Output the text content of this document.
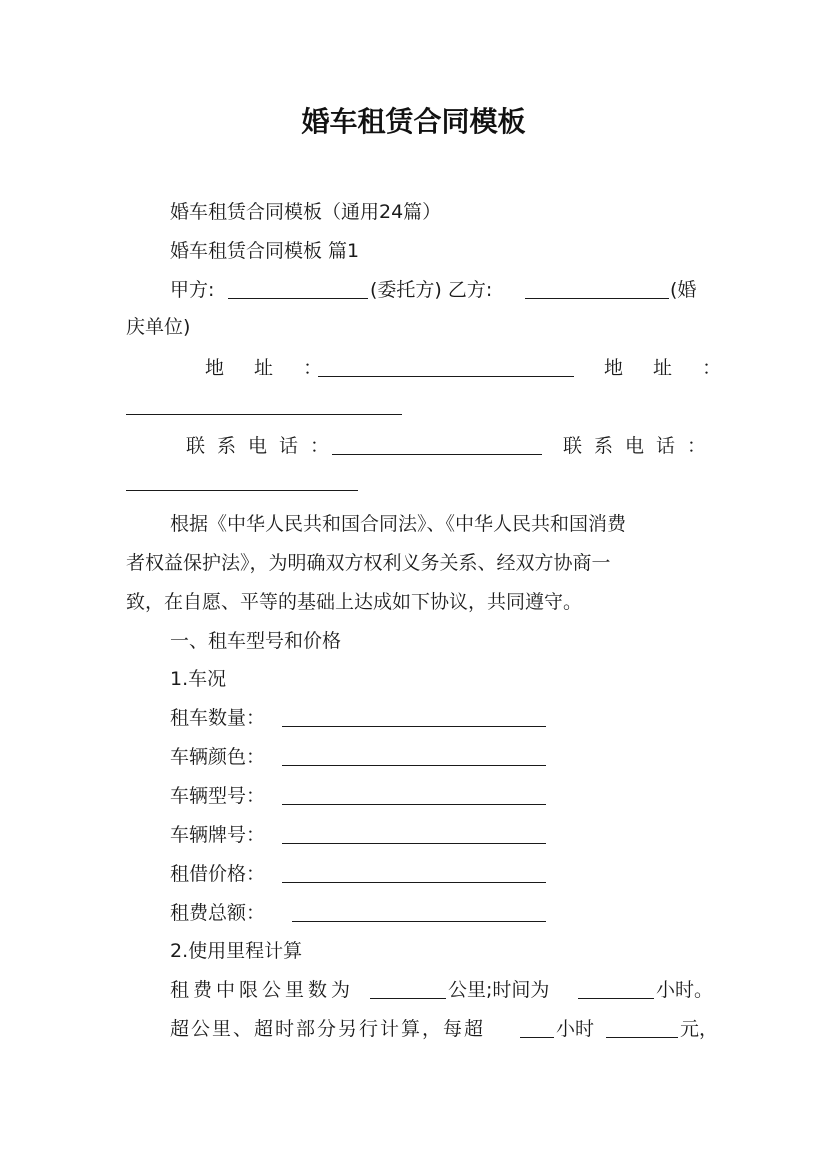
婚车租赁合同模板
婚车租赁合同模板（通用24篇）
婚车租赁合同模板 篇1
甲方:	(委托方) 乙方:	(婚
庆单位)
地 址 ：	地 址 ：
联系电话：	联系电话：
根据《中华人民共和国合同法》、《中华人民共和国消费
者权益保护法》，为明确双方权利义务关系、经双方协商一
致，在自愿、平等的基础上达成如下协议，共同遵守。
一、租车型号和价格
1.车况
租车数量：
车辆颜色：
车辆型号：
车辆牌号：
租借价格：
租费总额：
2.使用里程计算
租费中限公里数为	公里;时间为	小时。
超公里、超时部分另行计算，每超	小时	元，
